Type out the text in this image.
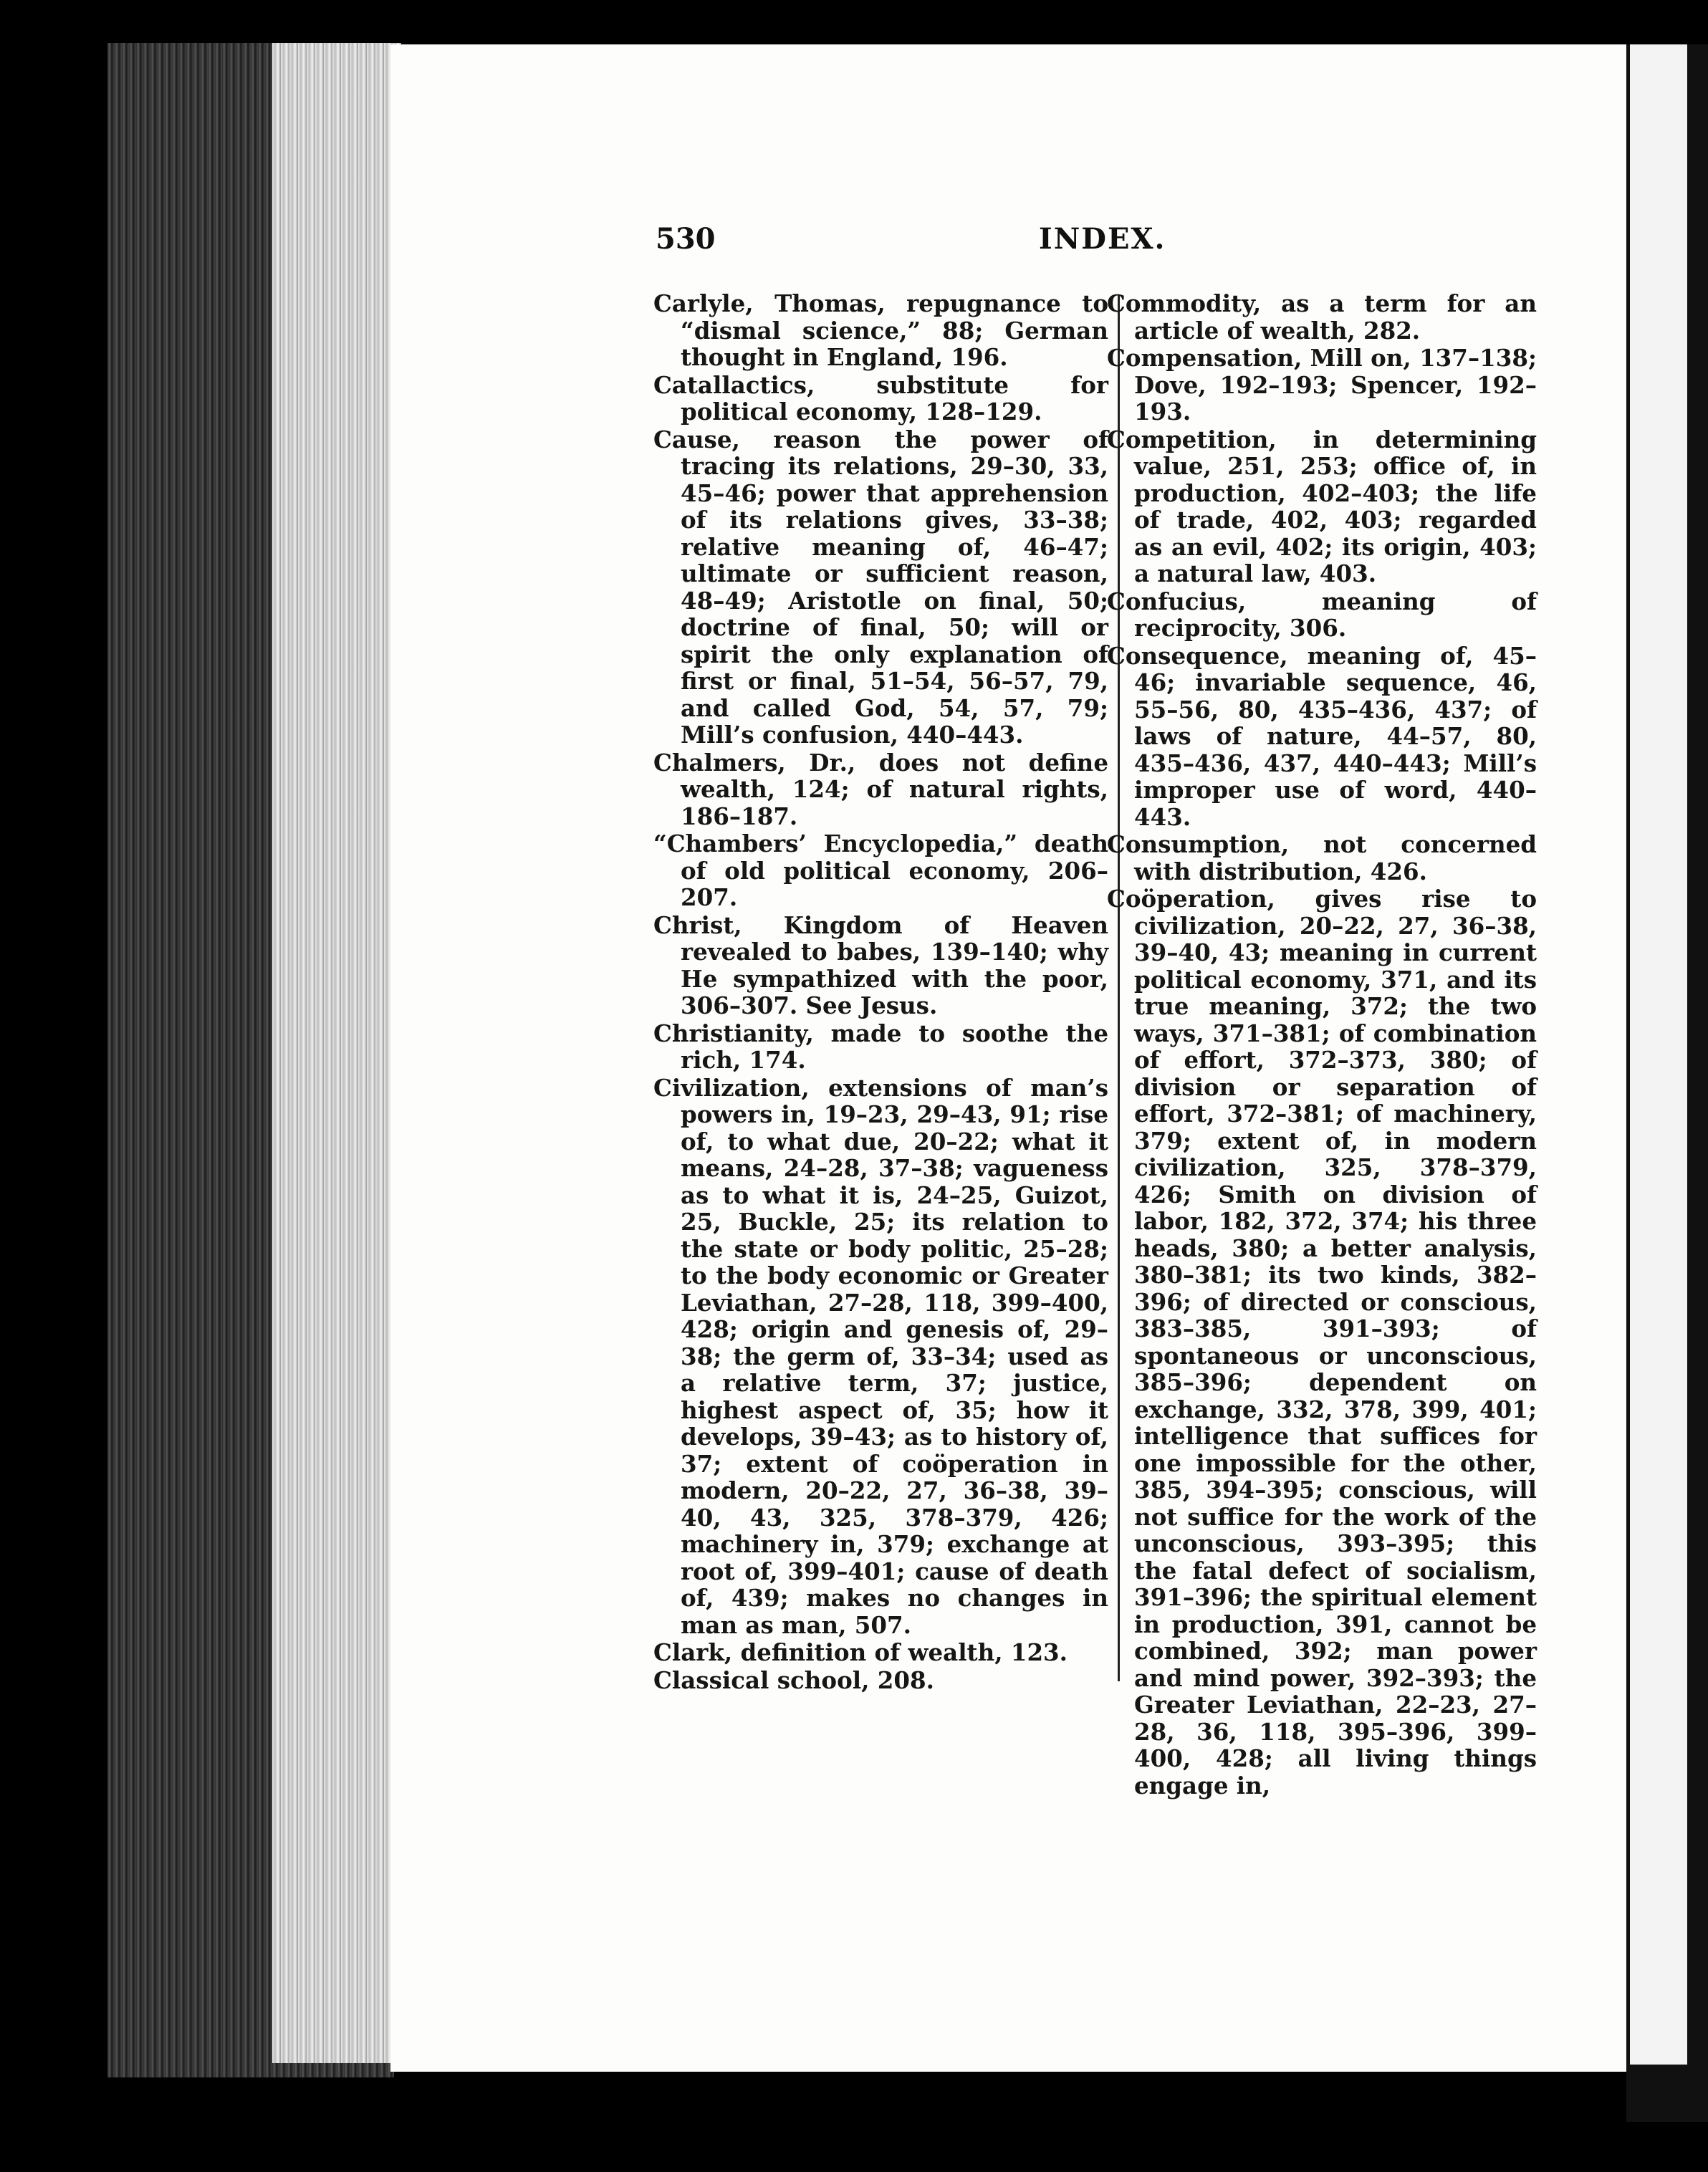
530	INDEX.

Carlyle, Thomas, repugnance to “dismal science,” 88; German thought in England, 196.

Catallactics, substitute for political economy, 128–129.

Cause, reason the power of tracing its relations, 29–30, 33, 45–46; power that apprehension of its relations gives, 33–38; relative meaning of, 46–47; ultimate or sufficient reason, 48–49; Aristotle on final, 50; doctrine of final, 50; will or spirit the only explanation of first or final, 51–54, 56–57, 79, and called God, 54, 57, 79; Mill’s confusion, 440–443.

Chalmers, Dr., does not define wealth, 124; of natural rights, 186–187.

“Chambers’ Encyclopedia,” death of old political economy, 206–207.

Christ, Kingdom of Heaven revealed to babes, 139–140; why He sympathized with the poor, 306–307. See Jesus.

Christianity, made to soothe the rich, 174.

Civilization, extensions of man’s powers in, 19–23, 29–43, 91; rise of, to what due, 20–22; what it means, 24–28, 37–38; vagueness as to what it is, 24–25, Guizot, 25, Buckle, 25; its relation to the state or body politic, 25–28; to the body economic or Greater Leviathan, 27–28, 118, 399–400, 428; origin and genesis of, 29–38; the germ of, 33–34; used as a relative term, 37; justice, highest aspect of, 35; how it develops, 39–43; as to history of, 37; extent of coöperation in modern, 20–22, 27, 36–38, 39–40, 43, 325, 378–379, 426; machinery in, 379; exchange at root of, 399–401; cause of death of, 439; makes no changes in man as man, 507.

Clark, definition of wealth, 123.

Classical school, 208.

Commodity, as a term for an article of wealth, 282.

Compensation, Mill on, 137–138; Dove, 192–193; Spencer, 192–193.

Competition, in determining value, 251, 253; office of, in production, 402–403; the life of trade, 402, 403; regarded as an evil, 402; its origin, 403; a natural law, 403.

Confucius, meaning of reciprocity, 306.

Consequence, meaning of, 45–46; invariable sequence, 46, 55–56, 80, 435–436, 437; of laws of nature, 44–57, 80, 435–436, 437, 440–443; Mill’s improper use of word, 440–443.

Consumption, not concerned with distribution, 426.

Coöperation, gives rise to civilization, 20–22, 27, 36–38, 39–40, 43; meaning in current political economy, 371, and its true meaning, 372; the two ways, 371–381; of combination of effort, 372–373, 380; of division or separation of effort, 372–381; of machinery, 379; extent of, in modern civilization, 325, 378–379, 426; Smith on division of labor, 182, 372, 374; his three heads, 380; a better analysis, 380–381; its two kinds, 382–396; of directed or conscious, 383–385, 391–393; of spontaneous or unconscious, 385–396; dependent on exchange, 332, 378, 399, 401; intelligence that suffices for one impossible for the other, 385, 394–395; conscious, will not suffice for the work of the unconscious, 393–395; this the fatal defect of socialism, 391–396; the spiritual element in production, 391, cannot be combined, 392; man power and mind power, 392–393; the Greater Leviathan, 22–23, 27–28, 36, 118, 395–396, 399–400, 428; all living things engage in,
